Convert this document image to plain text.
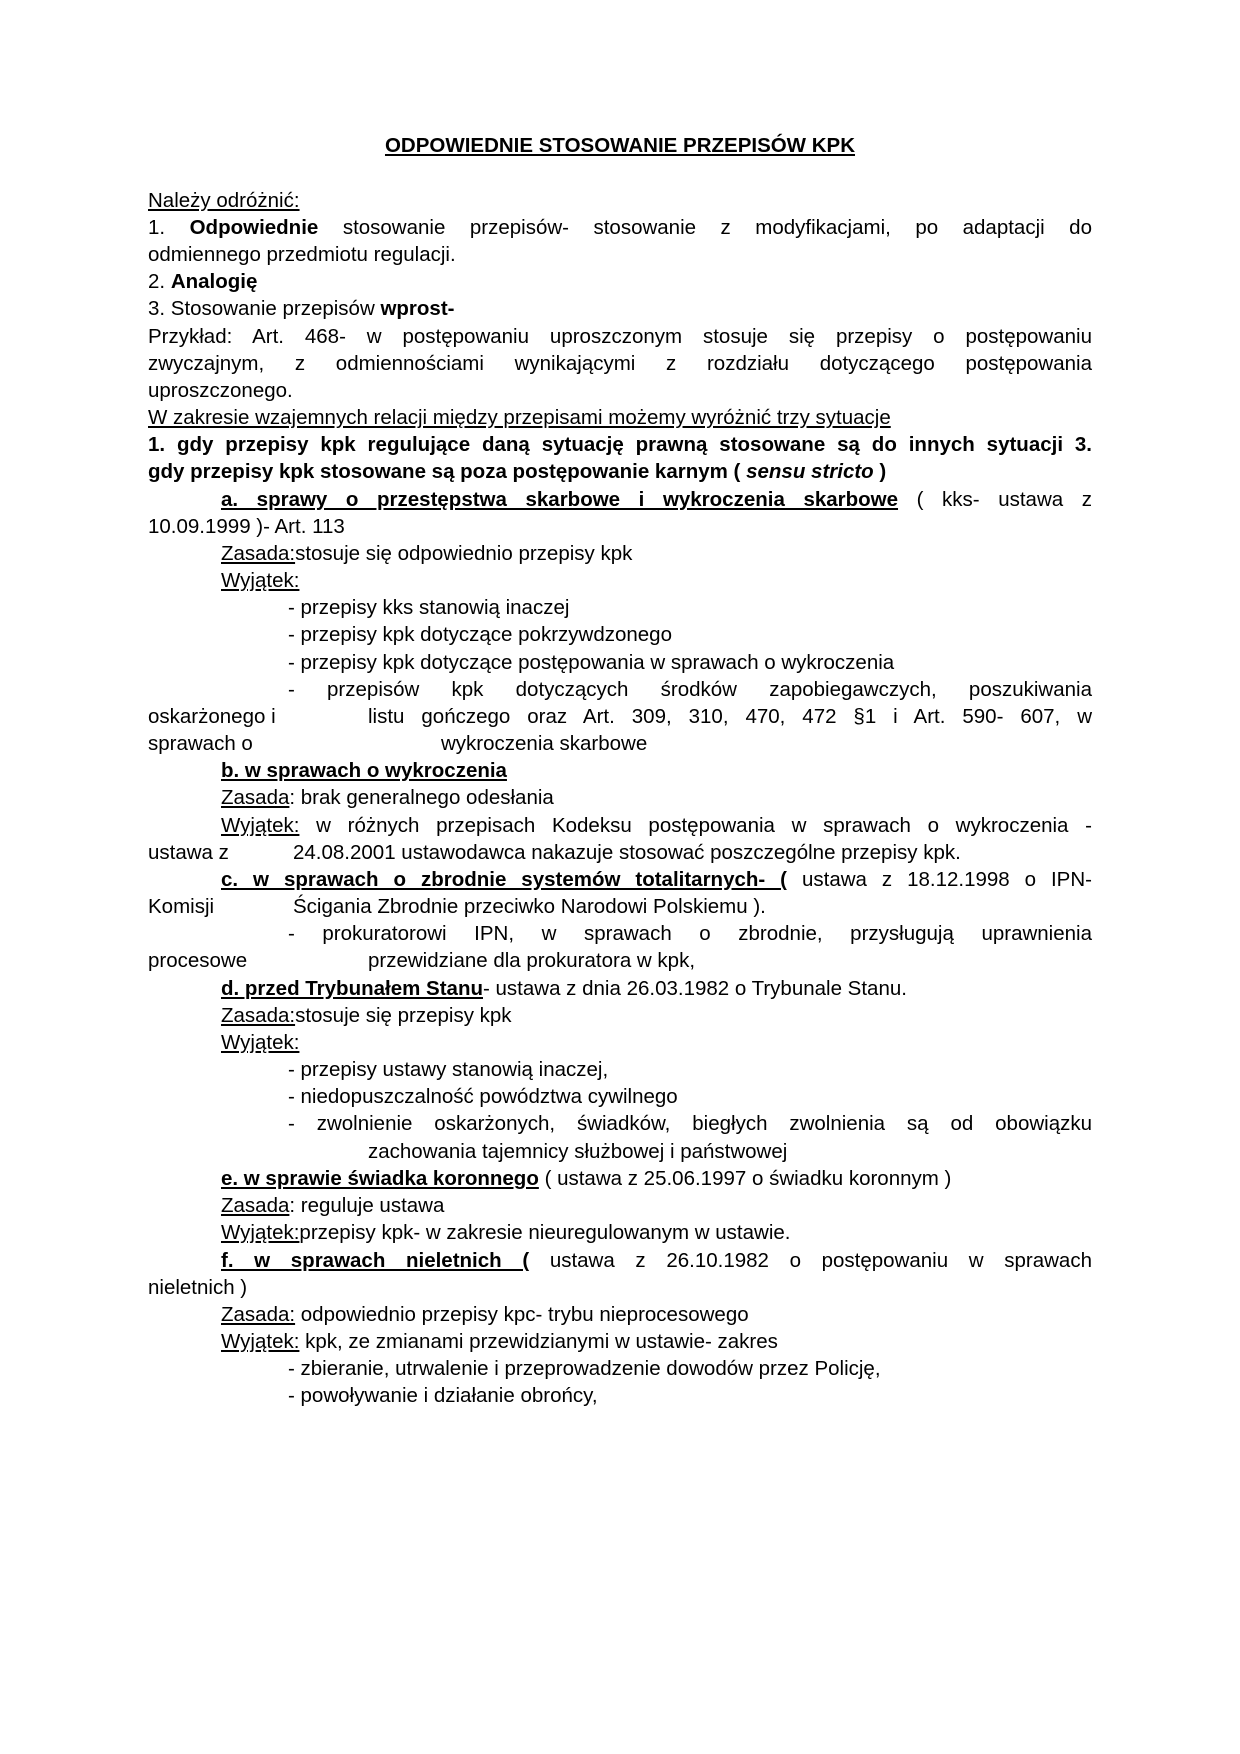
ODPOWIEDNIE STOSOWANIE PRZEPISÓW KPK
Należy odróżnić:
1. Odpowiednie stosowanie przepisów- stosowanie z modyfikacjami, po adaptacji do
odmiennego przedmiotu regulacji.
2. Analogię
3. Stosowanie przepisów wprost-
Przykład: Art. 468- w postępowaniu uproszczonym stosuje się przepisy o postępowaniu
zwyczajnym, z odmiennościami wynikającymi z rozdziału dotyczącego postępowania
uproszczonego.
W zakresie wzajemnych relacji między przepisami możemy wyróżnić trzy sytuacje
1. gdy przepisy kpk regulujące daną sytuację prawną stosowane są do innych sytuacji 3.
gdy przepisy kpk stosowane są poza postępowanie karnym ( sensu stricto )
a. sprawy o przestępstwa skarbowe i wykroczenia skarbowe ( kks- ustawa z
10.09.1999 )- Art. 113
Zasada:stosuje się odpowiednio przepisy kpk
Wyjątek:
- przepisy kks stanowią inaczej
- przepisy kpk dotyczące pokrzywdzonego
- przepisy kpk dotyczące postępowania w sprawach o wykroczenia
- przepisów kpk dotyczących środków zapobiegawczych, poszukiwania
oskarżonego i	listu gończego oraz Art. 309, 310, 470, 472 §1 i Art. 590- 607, w
sprawach o	wykroczenia skarbowe
b. w sprawach o wykroczenia
Zasada: brak generalnego odesłania
Wyjątek: w różnych przepisach Kodeksu postępowania w sprawach o wykroczenia -
ustawa z	24.08.2001 ustawodawca nakazuje stosować poszczególne przepisy kpk.
c. w sprawach o zbrodnie systemów totalitarnych- ( ustawa z 18.12.1998 o IPN-
Komisji	Ścigania Zbrodnie przeciwko Narodowi Polskiemu ).
- prokuratorowi IPN, w sprawach o zbrodnie, przysługują uprawnienia
procesowe	przewidziane dla prokuratora w kpk,
d. przed Trybunałem Stanu- ustawa z dnia 26.03.1982 o Trybunale Stanu.
Zasada:stosuje się przepisy kpk
Wyjątek:
- przepisy ustawy stanowią inaczej,
- niedopuszczalność powództwa cywilnego
- zwolnienie oskarżonych, świadków, biegłych zwolnienia są od obowiązku
zachowania tajemnicy służbowej i państwowej
e. w sprawie świadka koronnego ( ustawa z 25.06.1997 o świadku koronnym )
Zasada: reguluje ustawa
Wyjątek:przepisy kpk- w zakresie nieuregulowanym w ustawie.
f. w sprawach nieletnich ( ustawa z 26.10.1982 o postępowaniu w sprawach
nieletnich )
Zasada: odpowiednio przepisy kpc- trybu nieprocesowego
Wyjątek: kpk, ze zmianami przewidzianymi w ustawie- zakres
- zbieranie, utrwalenie i przeprowadzenie dowodów przez Policję,
- powoływanie i działanie obrońcy,
